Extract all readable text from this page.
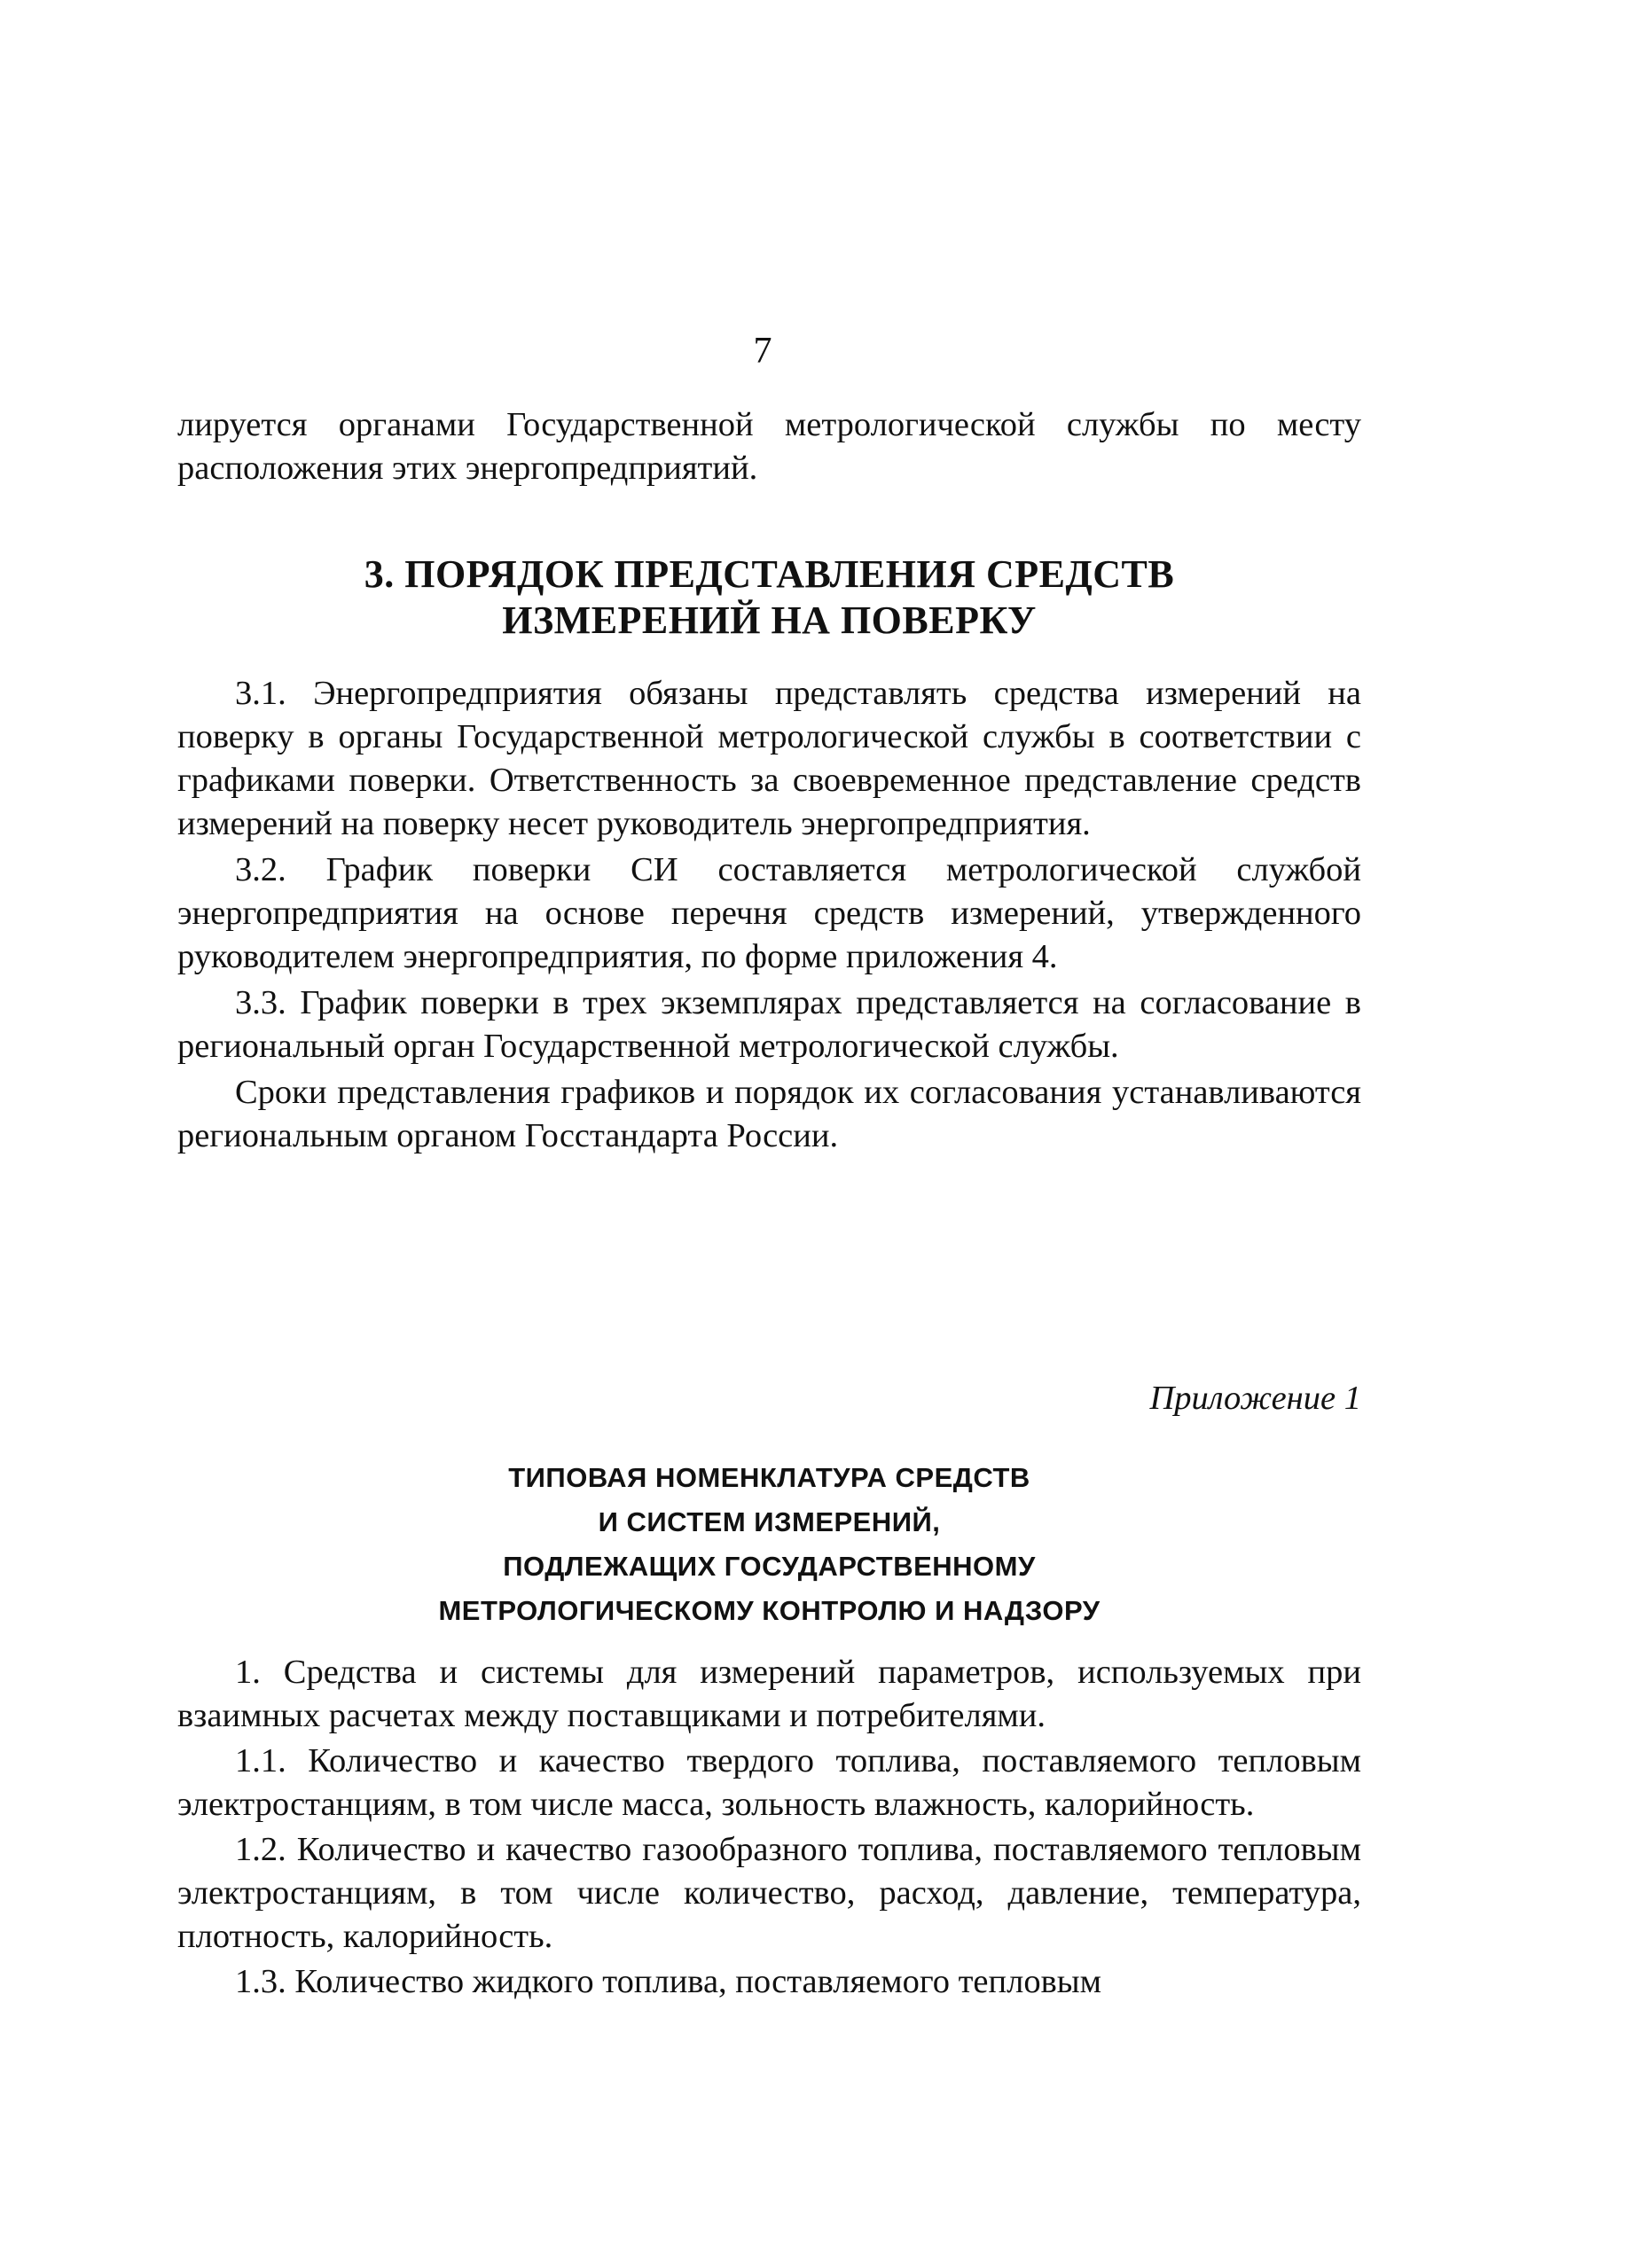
7

лируется органами Государственной метрологической службы по месту расположения этих энергопредприятий.

3. ПОРЯДОК ПРЕДСТАВЛЕНИЯ СРЕДСТВ
ИЗМЕРЕНИЙ НА ПОВЕРКУ

3.1. Энергопредприятия обязаны представлять средства измерений на поверку в органы Государственной метрологической службы в соответствии с графиками поверки. Ответственность за своевременное представление средств измерений на поверку несет руководитель энергопредприятия.

3.2. График поверки СИ составляется метрологической службой энергопредприятия на основе перечня средств измерений, утвержденного руководителем энергопредприятия, по форме приложения 4.

3.3. График поверки в трех экземплярах представляется на согласование в региональный орган Государственной метрологической службы.

Сроки представления графиков и порядок их согласования устанавливаются региональным органом Госстандарта России.

Приложение 1
ТИПОВАЯ НОМЕНКЛАТУРА СРЕДСТВ
И СИСТЕМ ИЗМЕРЕНИЙ,
ПОДЛЕЖАЩИХ ГОСУДАРСТВЕННОМУ
МЕТРОЛОГИЧЕСКОМУ КОНТРОЛЮ И НАДЗОРУ

1. Средства и системы для измерений параметров, используемых при взаимных расчетах между поставщиками и потребителями.

1.1. Количество и качество твердого топлива, поставляемого тепловым электростанциям, в том числе масса, зольность влажность, калорийность.

1.2. Количество и качество газообразного топлива, поставляемого тепловым электростанциям, в том числе количество, расход, давление, температура, плотность, калорийность.

1.3. Количество жидкого топлива, поставляемого тепловым
